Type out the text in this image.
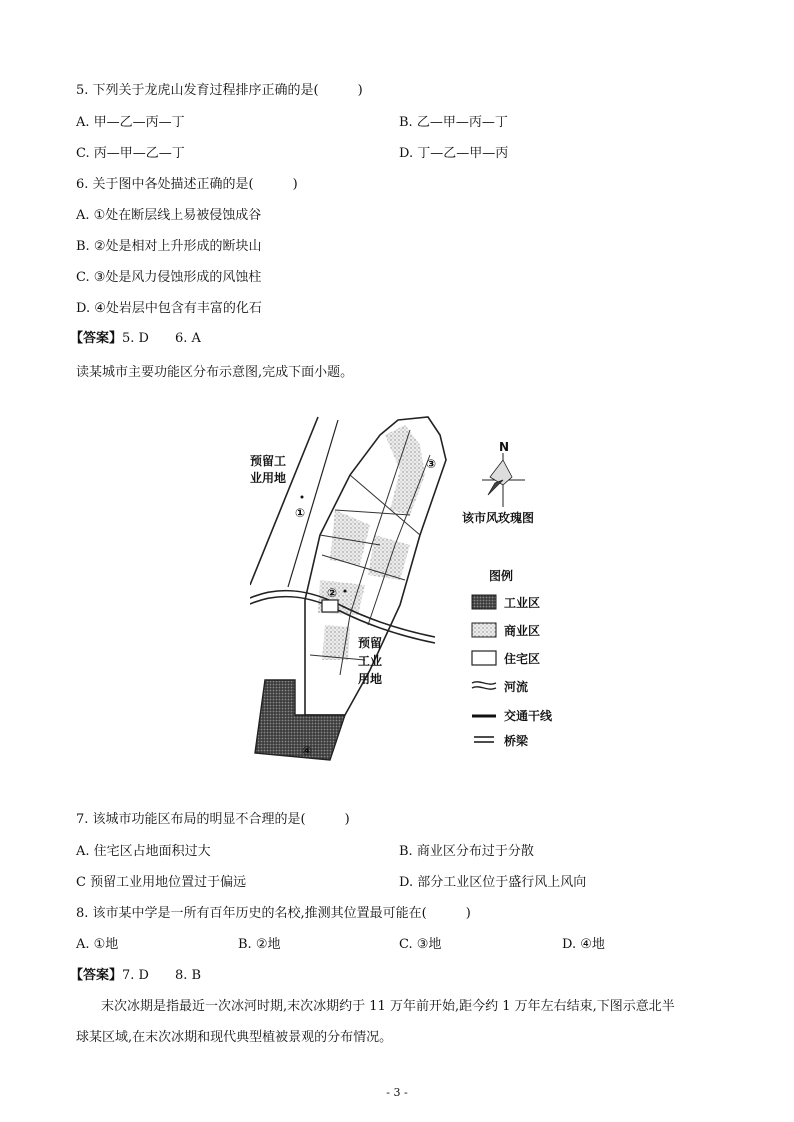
5. 下列关于龙虎山发育过程排序正确的是(　　　)
A. 甲—乙—丙—丁	B. 乙—甲—丙—丁
C. 丙—甲—乙—丁	D. 丁—乙—甲—丙
6. 关于图中各处描述正确的是(　　　)
A. ①处在断层线上易被侵蚀成谷
B. ②处是相对上升形成的断块山
C. ③处是风力侵蚀形成的风蚀柱
D. ④处岩层中包含有丰富的化石
【答案】5. D　　6. A
读某城市主要功能区分布示意图,完成下面小题。
预留工
业用地
预留
工业
用地
①
②
③
④
N
该市风玫瑰图
图例
工业区
商业区
住宅区
河流
交通干线
桥梁
7. 该城市功能区布局的明显不合理的是(　　　)
A. 住宅区占地面积过大	B. 商业区分布过于分散
C 预留工业用地位置过于偏远	D. 部分工业区位于盛行风上风向
8. 该市某中学是一所有百年历史的名校,推测其位置最可能在(　　　)
A. ①地	B. ②地	C. ③地	D. ④地
【答案】7. D　　8. B
末次冰期是指最近一次冰河时期,末次冰期约于 11 万年前开始,距今约 1 万年左右结束,下图示意北半
球某区域,在末次冰期和现代典型植被景观的分布情况。
- 3 -
